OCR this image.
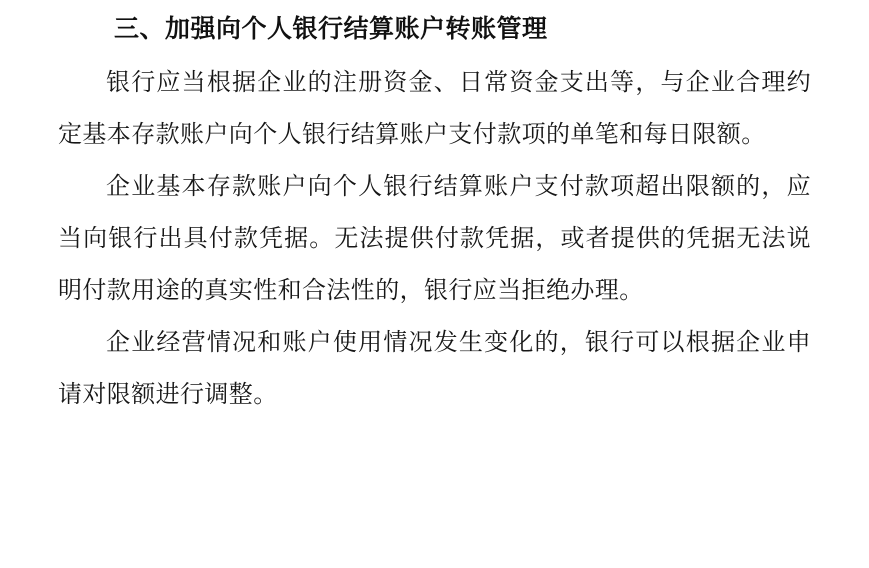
三、加强向个人银行结算账户转账管理

银行应当根据企业的注册资金、日常资金支出等，与企业合理约定基本存款账户向个人银行结算账户支付款项的单笔和每日限额。

企业基本存款账户向个人银行结算账户支付款项超出限额的，应当向银行出具付款凭据。无法提供付款凭据，或者提供的凭据无法说明付款用途的真实性和合法性的，银行应当拒绝办理。

企业经营情况和账户使用情况发生变化的，银行可以根据企业申请对限额进行调整。
